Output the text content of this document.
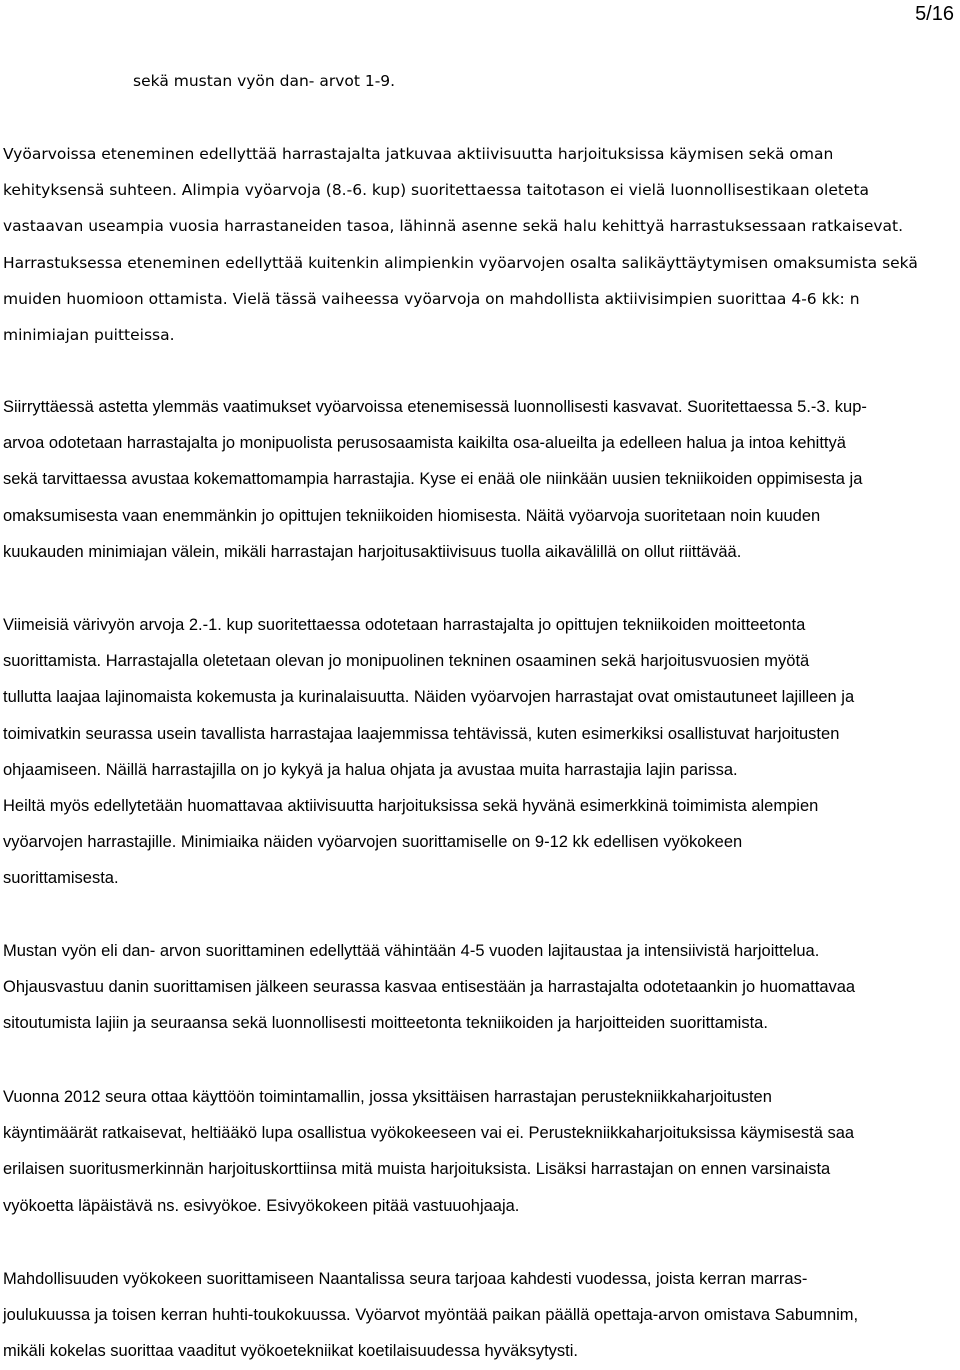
5/16
sekä mustan vyön dan- arvot 1-9.
Vyöarvoissa eteneminen edellyttää harrastajalta jatkuvaa aktiivisuutta harjoituksissa käymisen sekä oman
kehityksensä suhteen. Alimpia vyöarvoja (8.-6. kup) suoritettaessa taitotason ei vielä luonnollisestikaan oleteta
vastaavan useampia vuosia harrastaneiden tasoa, lähinnä asenne sekä halu kehittyä harrastuksessaan ratkaisevat.
Harrastuksessa eteneminen edellyttää kuitenkin alimpienkin vyöarvojen osalta salikäyttäytymisen omaksumista sekä
muiden huomioon ottamista. Vielä tässä vaiheessa vyöarvoja on mahdollista aktiivisimpien suorittaa 4-6 kk: n
minimiajan puitteissa.
Siirryttäessä astetta ylemmäs vaatimukset vyöarvoissa etenemisessä luonnollisesti kasvavat. Suoritettaessa 5.-3. kup-
arvoa odotetaan harrastajalta jo monipuolista perusosaamista kaikilta osa-alueilta ja edelleen halua ja intoa kehittyä
sekä tarvittaessa avustaa kokemattomampia harrastajia. Kyse ei enää ole niinkään uusien tekniikoiden oppimisesta ja
omaksumisesta vaan enemmänkin jo opittujen tekniikoiden hiomisesta. Näitä vyöarvoja suoritetaan noin kuuden
kuukauden minimiajan välein, mikäli harrastajan harjoitusaktiivisuus tuolla aikavälillä on ollut riittävää.
Viimeisiä värivyön arvoja 2.-1. kup suoritettaessa odotetaan harrastajalta jo opittujen tekniikoiden moitteetonta
suorittamista. Harrastajalla oletetaan olevan jo monipuolinen tekninen osaaminen sekä harjoitusvuosien myötä
tullutta laajaa lajinomaista kokemusta ja kurinalaisuutta. Näiden vyöarvojen harrastajat ovat omistautuneet lajilleen ja
toimivatkin seurassa usein tavallista harrastajaa laajemmissa tehtävissä, kuten esimerkiksi osallistuvat harjoitusten
ohjaamiseen. Näillä harrastajilla on jo kykyä ja halua ohjata ja avustaa muita harrastajia lajin parissa.
Heiltä myös edellytetään huomattavaa aktiivisuutta harjoituksissa sekä hyvänä esimerkkinä toimimista alempien
vyöarvojen harrastajille. Minimiaika näiden vyöarvojen suorittamiselle on 9-12 kk edellisen vyökokeen
suorittamisesta.
Mustan vyön eli dan- arvon suorittaminen edellyttää vähintään 4-5 vuoden lajitaustaa ja intensiivistä harjoittelua.
Ohjausvastuu danin suorittamisen jälkeen seurassa kasvaa entisestään ja harrastajalta odotetaankin jo huomattavaa
sitoutumista lajiin ja seuraansa sekä luonnollisesti moitteetonta tekniikoiden ja harjoitteiden suorittamista.
Vuonna 2012 seura ottaa käyttöön toimintamallin, jossa yksittäisen harrastajan perustekniikkaharjoitusten
käyntimäärät ratkaisevat, heltiääkö lupa osallistua vyökokeeseen vai ei. Perustekniikkaharjoituksissa käymisestä saa
erilaisen suoritusmerkinnän harjoituskorttiinsa mitä muista harjoituksista. Lisäksi harrastajan on ennen varsinaista
vyökoetta läpäistävä ns. esivyökoe. Esivyökokeen pitää vastuuohjaaja.
Mahdollisuuden vyökokeen suorittamiseen Naantalissa seura tarjoaa kahdesti vuodessa, joista kerran marras-
joulukuussa ja toisen kerran huhti-toukokuussa. Vyöarvot myöntää paikan päällä opettaja-arvon omistava Sabumnim,
mikäli kokelas suorittaa vaaditut vyökoetekniikat koetilaisuudessa hyväksytysti.
